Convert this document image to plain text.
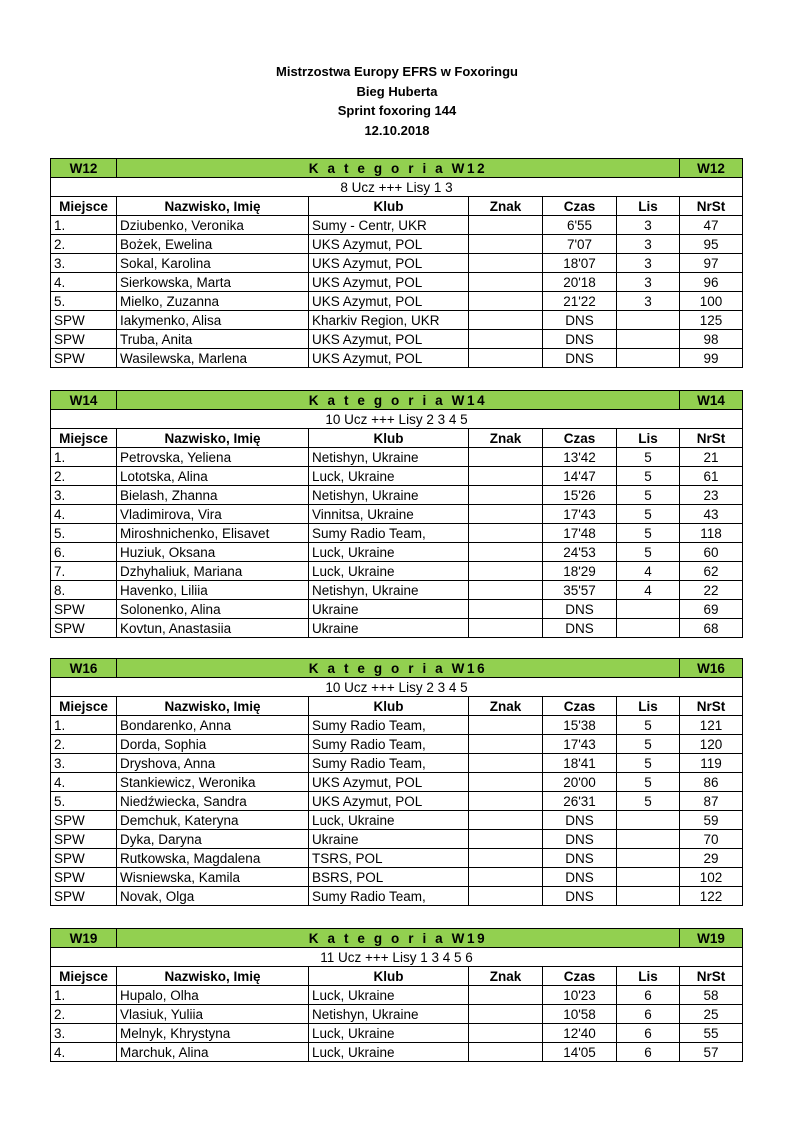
Mistrzostwa Europy EFRS w Foxoringu
Bieg Huberta
Sprint foxoring 144
12.10.2018
W12	K a t e g o r i a W12					W12
8 Ucz +++ Lisy 1 3						
Miejsce	Nazwisko, Imię	Klub	Znak	Czas	Lis	NrSt
1.	Dziubenko, Veronika	Sumy - Centr, UKR		6'55	3	47
2.	Bożek, Ewelina	UKS Azymut, POL		7'07	3	95
3.	Sokal, Karolina	UKS Azymut, POL		18'07	3	97
4.	Sierkowska, Marta	UKS Azymut, POL		20'18	3	96
5.	Mielko, Zuzanna	UKS Azymut, POL		21'22	3	100
SPW	Iakymenko, Alisa	Kharkiv Region, UKR		DNS		125
SPW	Truba, Anita	UKS Azymut, POL		DNS		98
SPW	Wasilewska, Marlena	UKS Azymut, POL		DNS		99
W14	K a t e g o r i a W14					W14
10 Ucz +++ Lisy 2 3 4 5						
Miejsce	Nazwisko, Imię	Klub	Znak	Czas	Lis	NrSt
1.	Petrovska, Yeliena	Netishyn, Ukraine		13'42	5	21
2.	Lototska, Alina	Luck, Ukraine		14'47	5	61
3.	Bielash, Zhanna	Netishyn, Ukraine		15'26	5	23
4.	Vladimirova, Vira	Vinnitsa, Ukraine		17'43	5	43
5.	Miroshnichenko, Elisavet	Sumy Radio Team,		17'48	5	118
6.	Huziuk, Oksana	Luck, Ukraine		24'53	5	60
7.	Dzhyhaliuk, Mariana	Luck, Ukraine		18'29	4	62
8.	Havenko, Liliia	Netishyn, Ukraine		35'57	4	22
SPW	Solonenko, Alina	Ukraine		DNS		69
SPW	Kovtun, Anastasiia	Ukraine		DNS		68
W16	K a t e g o r i a W16					W16
10 Ucz +++ Lisy 2 3 4 5						
Miejsce	Nazwisko, Imię	Klub	Znak	Czas	Lis	NrSt
1.	Bondarenko, Anna	Sumy Radio Team,		15'38	5	121
2.	Dorda, Sophia	Sumy Radio Team,		17'43	5	120
3.	Dryshova, Anna	Sumy Radio Team,		18'41	5	119
4.	Stankiewicz, Weronika	UKS Azymut, POL		20'00	5	86
5.	Niedźwiecka, Sandra	UKS Azymut, POL		26'31	5	87
SPW	Demchuk, Kateryna	Luck, Ukraine		DNS		59
SPW	Dyka, Daryna	Ukraine		DNS		70
SPW	Rutkowska, Magdalena	TSRS, POL		DNS		29
SPW	Wisniewska, Kamila	BSRS, POL		DNS		102
SPW	Novak, Olga	Sumy Radio Team,		DNS		122
W19	K a t e g o r i a W19					W19
11 Ucz +++ Lisy 1 3 4 5 6						
Miejsce	Nazwisko, Imię	Klub	Znak	Czas	Lis	NrSt
1.	Hupalo, Olha	Luck, Ukraine		10'23	6	58
2.	Vlasiuk, Yuliia	Netishyn, Ukraine		10'58	6	25
3.	Melnyk, Khrystyna	Luck, Ukraine		12'40	6	55
4.	Marchuk, Alina	Luck, Ukraine		14'05	6	57
